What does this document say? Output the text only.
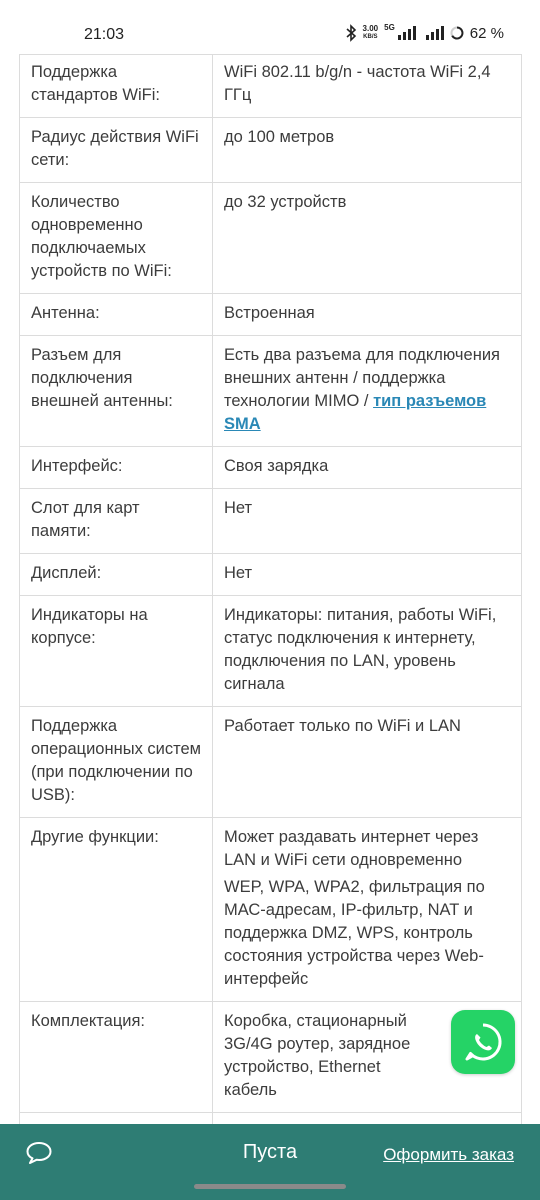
21:03	3.00
KB/S
5G	62 %
Поддержка стандартов WiFi:	WiFi 802.11 b/g/n - частота WiFi 2,4 ГГц
Радиус действия WiFi сети:	до 100 метров
Количество одновременно подключаемых устройств по WiFi:	до 32 устройств
Антенна:	Встроенная
Разъем для подключения внешней антенны:	Есть два разъема для подключения внешних антенн / поддержка технологии MIMO / тип разъемов SMA
Интерфейс:	Своя зарядка
Слот для карт памяти:	Нет
Дисплей:	Нет
Индикаторы на корпусе:	Индикаторы: питания, работы WiFi, статус подключения к интернету, подключения по LAN, уровень сигнала
Поддержка операционных систем (при подключении по USB):	Работает только по WiFi и LAN
Другие функции:	Может раздавать интернет через LAN и WiFi сети одновременно
WEP, WPA, WPA2, фильтрация по МАС-адресам, IP-фильтр, NAT и поддержка DMZ, WPS, контроль состояния устройства через Web-интерфейс

Комплектация:	Коробка, стационарный 3G/4G роутер, зарядное устройство, Ethernet кабель

Пуста	Оформить заказ
